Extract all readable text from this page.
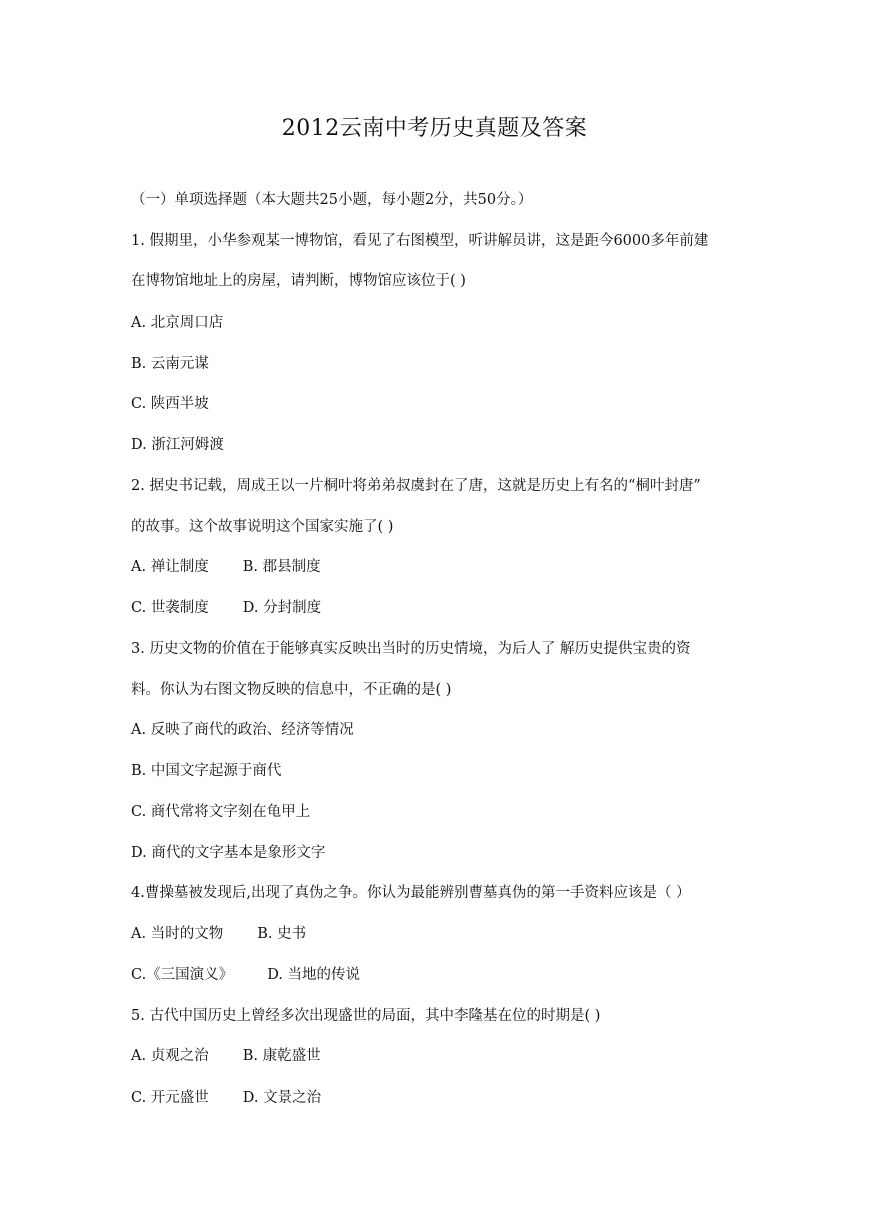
2012云南中考历史真题及答案
（一）单项选择题（本大题共25小题，每小题2分，共50分。）
1. 假期里，小华参观某一博物馆，看见了右图模型，听讲解员讲，这是距今6000多年前建
在博物馆地址上的房屋，请判断，博物馆应该位于( )
A. 北京周口店
B. 云南元谋
C. 陕西半坡
D. 浙江河姆渡
2. 据史书记载，周成王以一片桐叶将弟弟叔虞封在了唐，这就是历史上有名的“桐叶封唐”
的故事。这个故事说明这个国家实施了( )
A. 禅让制度 B. 郡县制度
C. 世袭制度 D. 分封制度
3. 历史文物的价值在于能够真实反映出当时的历史情境，为后人了 解历史提供宝贵的资
料。你认为右图文物反映的信息中，不正确的是( )
A. 反映了商代的政治、经济等情况
B. 中国文字起源于商代
C. 商代常将文字刻在龟甲上
D. 商代的文字基本是象形文字
4.曹操墓被发现后,出现了真伪之争。你认为最能辨别曹墓真伪的第一手资料应该是（ ）
A. 当时的文物 B. 史书
C.《三国演义》 D. 当地的传说
5. 古代中国历史上曾经多次出现盛世的局面，其中李隆基在位的时期是( )
A. 贞观之治 B. 康乾盛世
C. 开元盛世 D. 文景之治
